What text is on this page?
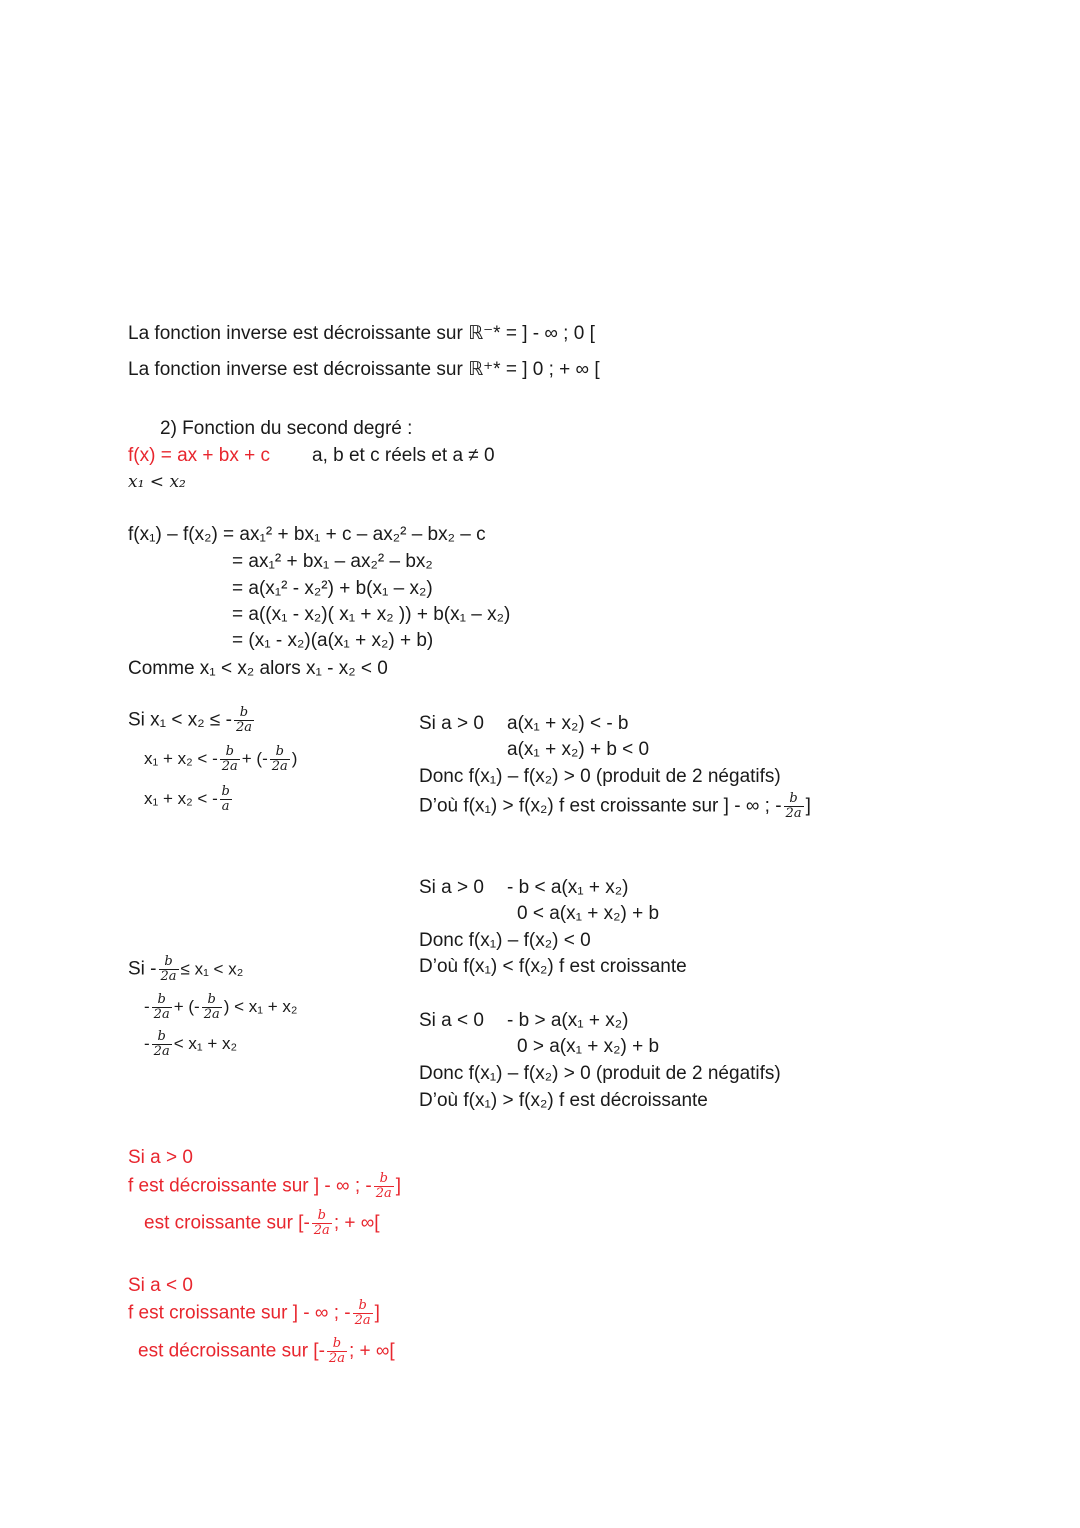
La fonction inverse est décroissante sur ℝ⁻* = ] - ∞ ; 0 [
La fonction inverse est décroissante sur ℝ⁺* = ] 0 ; + ∞ [
2) Fonction du second degré :
f(x) = ax + bx + c a, b et c réels et a ≠ 0
x₁ < x₂
f(x₁) – f(x₂) = ax₁² + bx₁ + c – ax₂² – bx₂ – c
= ax₁² + bx₁ – ax₂² – bx₂
= a(x₁² - x₂²) + b(x₁ – x₂)
= a((x₁ - x₂)( x₁ + x₂ )) + b(x₁ – x₂)
= (x₁ - x₂)(a(x₁ + x₂) + b)
Comme x₁ < x₂ alors x₁ - x₂ < 0
Si x₁ < x₂ ≤ - $\frac{b}{2a}$
x₁ + x₂ < - $\frac{b}{2a}$ + (- $\frac{b}{2a}$ )
x₁ + x₂ < - $\frac{b}{a}$
Si a > 0 a(x₁ + x₂) < - b
a(x₁ + x₂) + b < 0
Donc f(x₁) – f(x₂) > 0 (produit de 2 négatifs)
D’où f(x₁) > f(x₂) f est croissante sur ] - ∞ ; - $\frac{b}{2a}$ ]
Si a > 0 - b < a(x₁ + x₂)
0 < a(x₁ + x₂) + b
Donc f(x₁) – f(x₂) < 0
D’où f(x₁) < f(x₂) f est croissante
$Si - \frac{b}{2a} \le x_1 < x_2$
- $\frac{b}{2a}$ + (- $\frac{b}{2a}$ ) < x₁ + x₂
- $\frac{b}{2a} < x_1 + x_2$
Si a < 0 - b > a(x₁ + x₂)
0 > a(x₁ + x₂) + b
Donc f(x₁) – f(x₂) > 0 (produit de 2 négatifs)
D’où f(x₁) > f(x₂) f est décroissante
Si a > 0
f est décroissante sur ] - ∞ ; - $\frac{b}{2a}$ ]
est croissante sur [- $\frac{b}{2a}$ ; + ∞[
Si a < 0
f est croissante sur ] - ∞ ; - $\frac{b}{2a}$ ]
est décroissante sur [- $\frac{b}{2a}$ ; + ∞[
